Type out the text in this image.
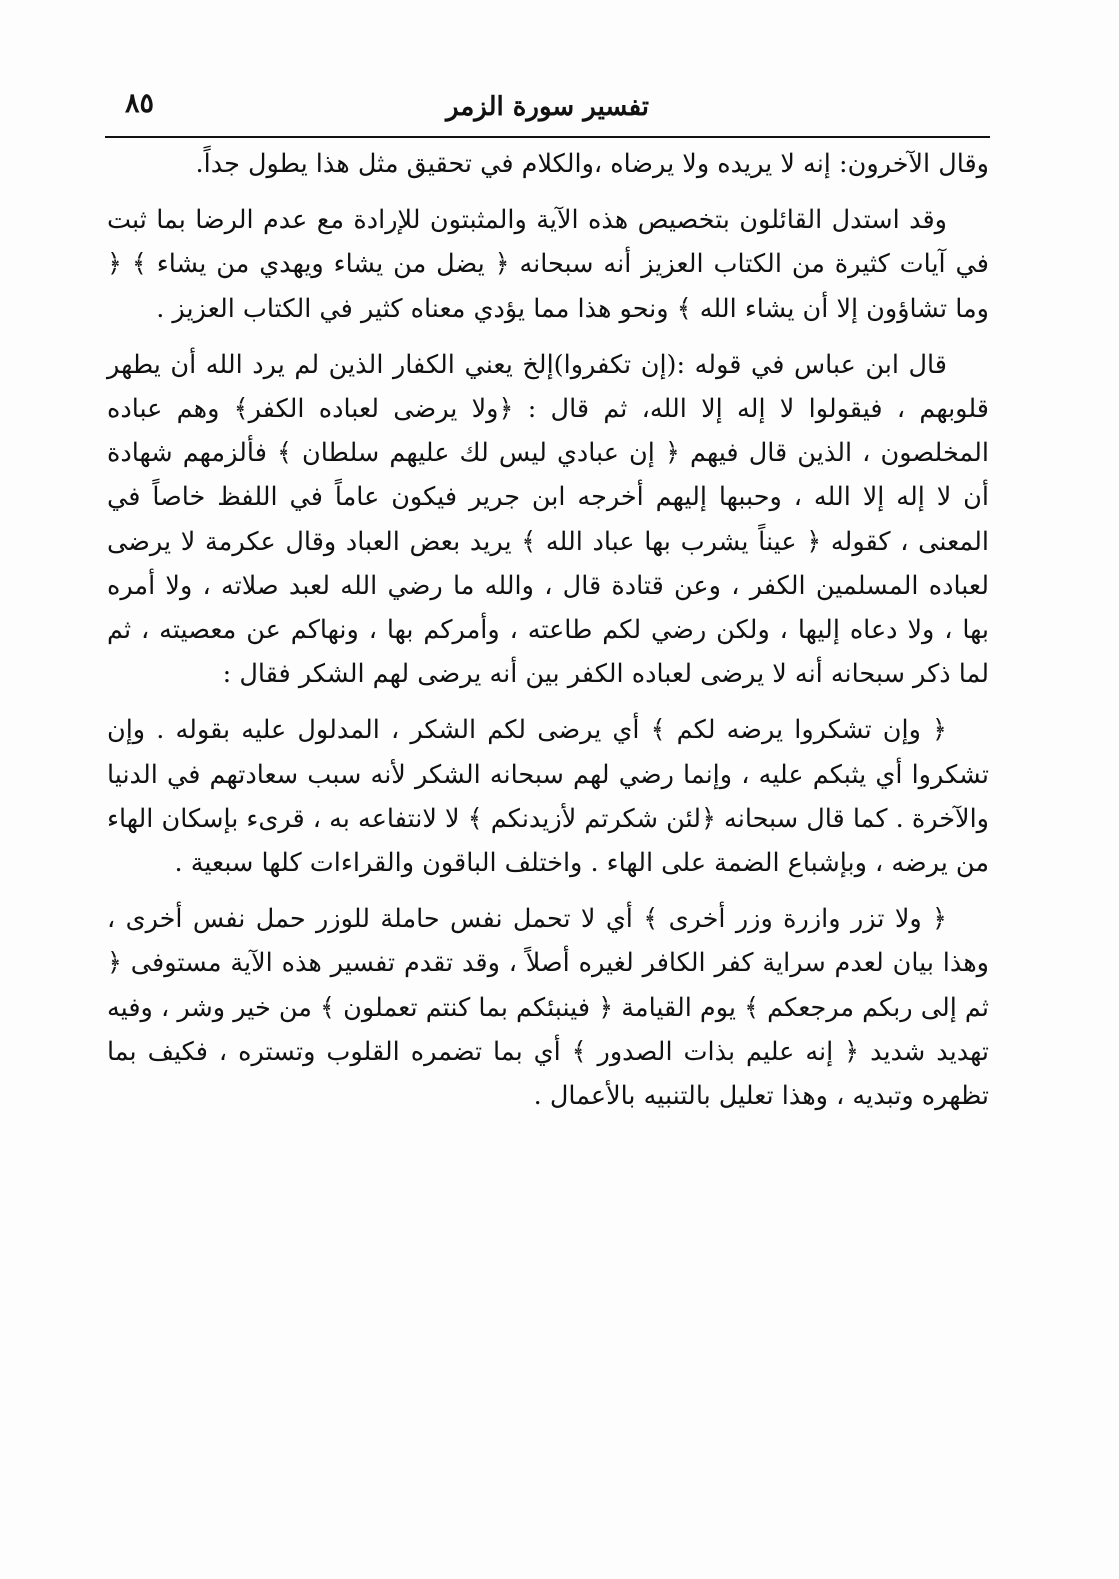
٨٥	تفسير سورة الزمر

وقال الآخرون: إنه لا يريده ولا يرضاه ،والكلام في تحقيق مثل هذا يطول جداً.

وقد استدل القائلون بتخصيص هذه الآية والمثبتون للإرادة مع عدم الرضا بما ثبت في آيات كثيرة من الكتاب العزيز أنه سبحانه ﴿ يضل من يشاء ويهدي من يشاء ﴾ ﴿ وما تشاؤون إلا أن يشاء الله ﴾ ونحو هذا مما يؤدي معناه كثير في الكتاب العزيز .

قال ابن عباس في قوله :(إن تكفروا)إلخ يعني الكفار الذين لم يرد الله أن يطهر قلوبهم ، فيقولوا لا إله إلا الله، ثم قال : ﴿ولا يرضى لعباده الكفر﴾ وهم عباده المخلصون ، الذين قال فيهم ﴿ إن عبادي ليس لك عليهم سلطان ﴾ فألزمهم شهادة أن لا إله إلا الله ، وحببها إليهم أخرجه ابن جرير فيكون عاماً في اللفظ خاصاً في المعنى ، كقوله ﴿ عيناً يشرب بها عباد الله ﴾ يريد بعض العباد وقال عكرمة لا يرضى لعباده المسلمين الكفر ، وعن قتادة قال ، والله ما رضي الله لعبد صلاته ، ولا أمره بها ، ولا دعاه إليها ، ولكن رضي لكم طاعته ، وأمركم بها ، ونهاكم عن معصيته ، ثم لما ذكر سبحانه أنه لا يرضى لعباده الكفر بين أنه يرضى لهم الشكر فقال :

﴿ وإن تشكروا يرضه لكم ﴾ أي يرضى لكم الشكر ، المدلول عليه بقوله . وإن تشكروا أي يثبكم عليه ، وإنما رضي لهم سبحانه الشكر لأنه سبب سعادتهم في الدنيا والآخرة . كما قال سبحانه ﴿لئن شكرتم لأزيدنكم ﴾ لا لانتفاعه به ، قرىء بإسكان الهاء من يرضه ، وبإشباع الضمة على الهاء . واختلف الباقون والقراءات كلها سبعية .

﴿ ولا تزر وازرة وزر أخرى ﴾ أي لا تحمل نفس حاملة للوزر حمل نفس أخرى ، وهذا بيان لعدم سراية كفر الكافر لغيره أصلاً ، وقد تقدم تفسير هذه الآية مستوفى ﴿ ثم إلى ربكم مرجعكم ﴾ يوم القيامة ﴿ فينبئكم بما كنتم تعملون ﴾ من خير وشر ، وفيه تهديد شديد ﴿ إنه عليم بذات الصدور ﴾ أي بما تضمره القلوب وتستره ، فكيف بما تظهره وتبديه ، وهذا تعليل بالتنبيه بالأعمال .
